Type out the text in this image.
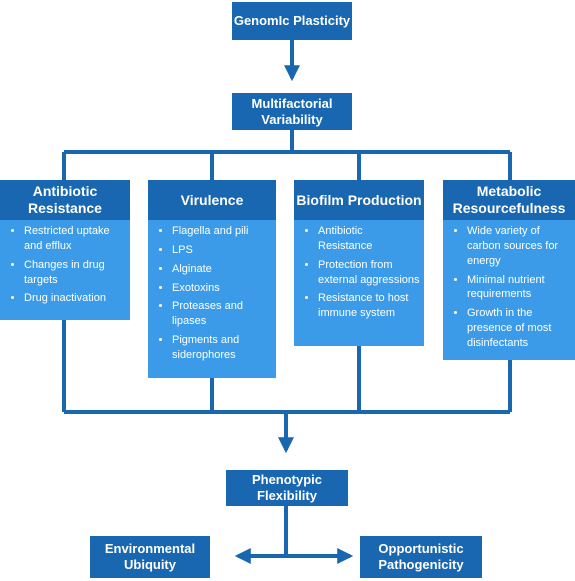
GenomIc Plasticity
Multifactorial Variability
Antibiotic Resistance
Virulence	Biofilm Production
Metabolic Resourcefulness
• Restricted uptake and efflux
• Changes in drug targets
• Drug inactivation
• Flagella and pili
• LPS
• Alginate
• Exotoxins
• Proteases and lipases
• Pigments and siderophores
• Antibiotic Resistance
• Protection from external aggressions
• Resistance to host immune system
• Wide variety of carbon sources for energy
• Minimal nutrient requirements
• Growth in the presence of most disinfectants
Phenotypic Flexibility
Environmental Ubiquity
Opportunistic Pathogenicity
